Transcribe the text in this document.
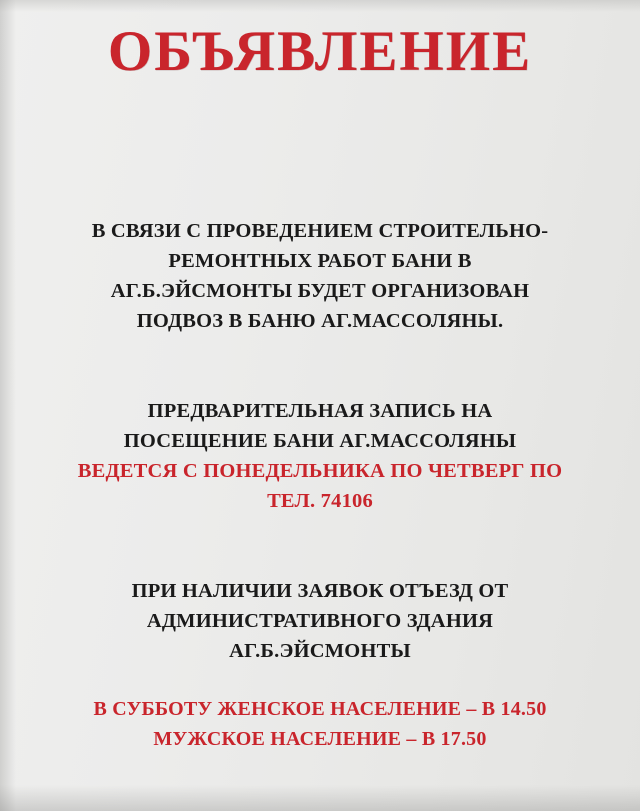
ОБЪЯВЛЕНИЕ
В СВЯЗИ С ПРОВЕДЕНИЕМ СТРОИТЕЛЬНО-
РЕМОНТНЫХ РАБОТ БАНИ В
АГ.Б.ЭЙСМОНТЫ БУДЕТ ОРГАНИЗОВАН
ПОДВОЗ В БАНЮ АГ.МАССОЛЯНЫ.
ПРЕДВАРИТЕЛЬНАЯ ЗАПИСЬ НА
ПОСЕЩЕНИЕ БАНИ АГ.МАССОЛЯНЫ
ВЕДЕТСЯ С ПОНЕДЕЛЬНИКА ПО ЧЕТВЕРГ ПО
ТЕЛ. 74106
ПРИ НАЛИЧИИ ЗАЯВОК ОТЪЕЗД ОТ
АДМИНИСТРАТИВНОГО ЗДАНИЯ
АГ.Б.ЭЙСМОНТЫ
В СУББОТУ ЖЕНСКОЕ НАСЕЛЕНИЕ – В 14.50
МУЖСКОЕ НАСЕЛЕНИЕ – В 17.50
